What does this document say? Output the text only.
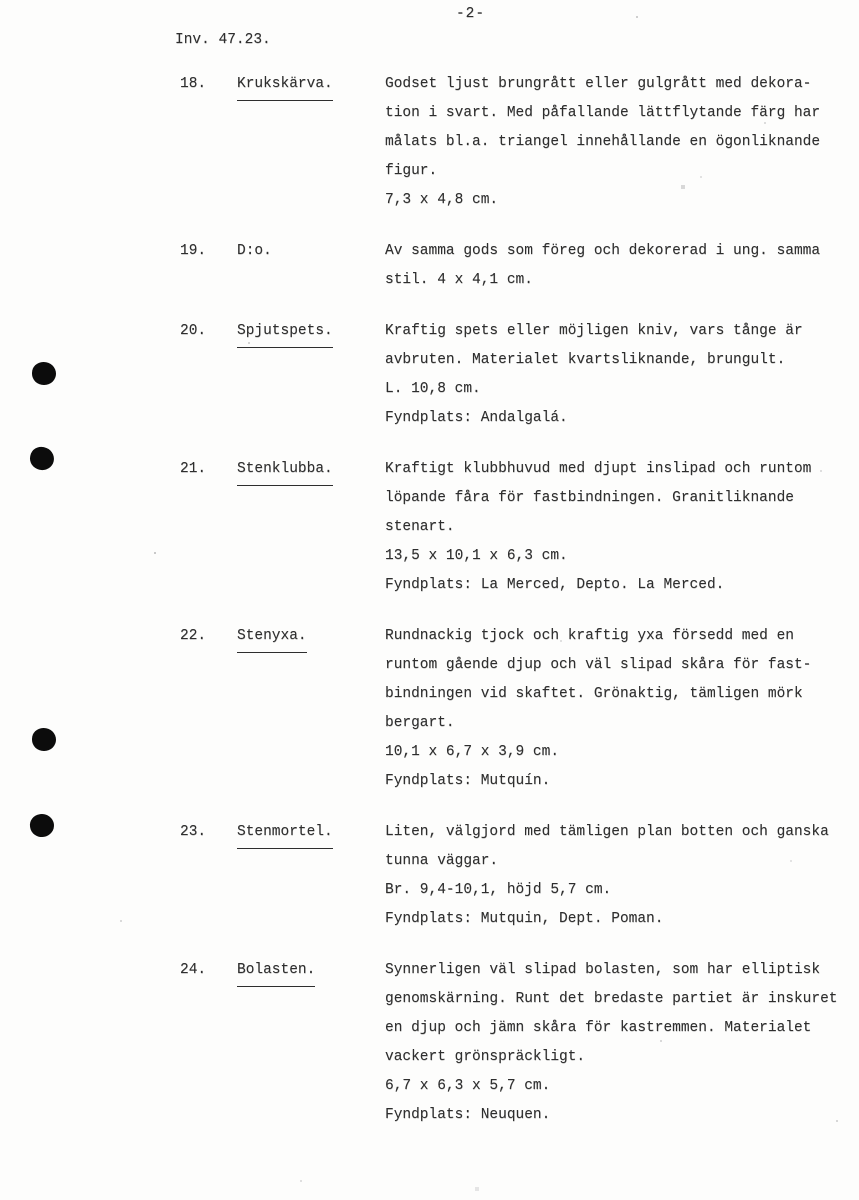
-2-
Inv. 47.23.
18.	Krukskärva.	Godset ljust brungrått eller gulgrått med dekora-
tion i svart. Med påfallande lättflytande färg har
målats bl.a. triangel innehållande en ögonliknande
figur.
7,3 x 4,8 cm.
19.	D:o.	Av samma gods som föreg och dekorerad i ung. samma
stil. 4 x 4,1 cm.
20.	Spjutspets.	Kraftig spets eller möjligen kniv, vars tånge är
avbruten. Materialet kvartsliknande, brungult.
L. 10,8 cm.
Fyndplats: Andalgalá.
21.	Stenklubba.	Kraftigt klubbhuvud med djupt inslipad och runtom
löpande fåra för fastbindningen. Granitliknande
stenart.
13,5 x 10,1 x 6,3 cm.
Fyndplats: La Merced, Depto. La Merced.
22.	Stenyxa.	Rundnackig tjock och kraftig yxa försedd med en
runtom gående djup och väl slipad skåra för fast-
bindningen vid skaftet. Grönaktig, tämligen mörk
bergart.
10,1 x 6,7 x 3,9 cm.
Fyndplats: Mutquín.
23.	Stenmortel.	Liten, välgjord med tämligen plan botten och ganska
tunna väggar.
Br. 9,4-10,1, höjd 5,7 cm.
Fyndplats: Mutquin, Dept. Poman.
24.	Bolasten.	Synnerligen väl slipad bolasten, som har elliptisk
genomskärning. Runt det bredaste partiet är inskuret
en djup och jämn skåra för kastremmen. Materialet
vackert grönspräckligt.
6,7 x 6,3 x 5,7 cm.
Fyndplats: Neuquen.
